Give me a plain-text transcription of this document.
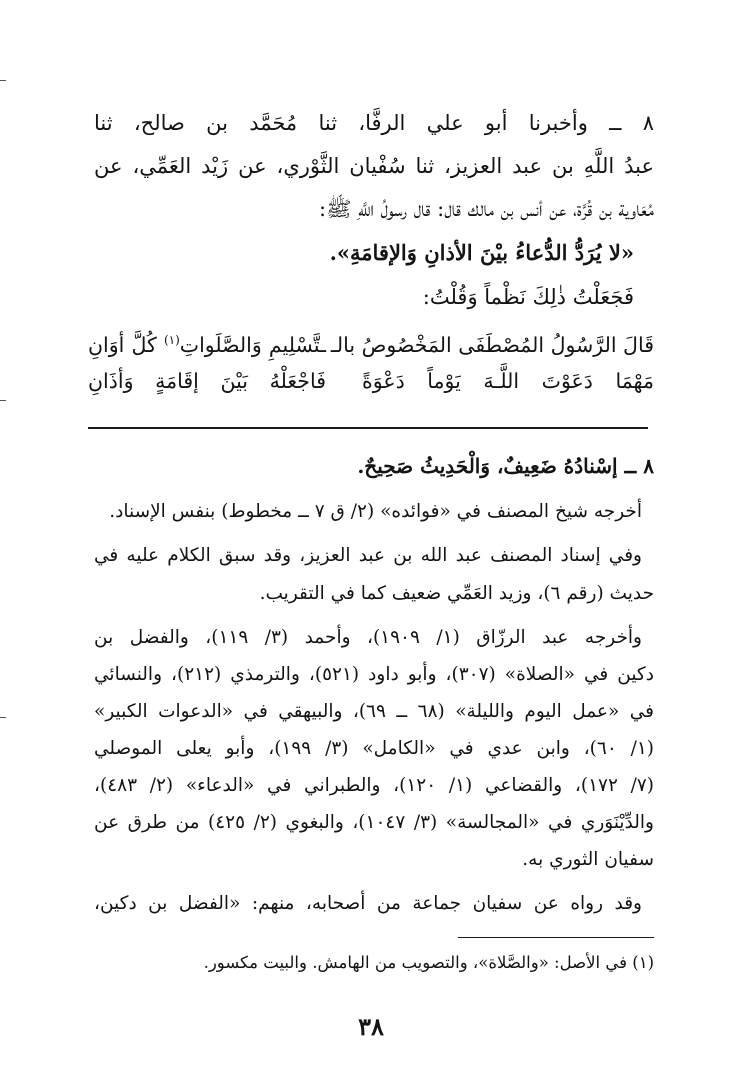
٨ ــ وأخبرنا أبو علي الرفَّا، ثنا مُحَمَّد بن صالح، ثنا
عبدُ اللَّهِ بن عبد العزيز، ثنا سُفْيان الثَّوْري، عن زَيْد العَمِّي، عن
مُعَاوية بن قُرَّة، عن أنس بن مالك قال: قال رسولُ اللَّهِ ﷺ:
«لا يُرَدُّ الدُّعاءُ بيْنَ الأذانِ وَالإقامَةِ».
فَجَعَلْتُ ذٰلِكَ نَظْماً وَقُلْتُ:
قَالَ الرَّسُولُ المُصْطَفَى المَخْصُوصُ بالـ
ـتَّسْلِيمِ وَالصَّلَواتِ$^{(١)}$ كُلَّ أوَانِ
مَهْمَا دَعَوْتَ اللَّـهَ يَوْماً دَعْوَةً
فَاجْعَلْهُ بَيْنَ إقَامَةٍ وَأذَانِ
٨ ــ إسْنادُهُ ضَعِيفٌ، وَالْحَدِيثُ صَحِيحٌ.
أخرجه شيخ المصنف في «فوائده» (٢/ ق ٧ ــ مخطوط) بنفس الإسناد.
وفي إسناد المصنف عبد الله بن عبد العزيز، وقد سبق الكلام عليه في
حديث (رقم ٦)، وزيد العَمِّي ضعيف كما في التقريب.
وأخرجه عبد الرزّاق (١/ ١٩٠٩)، وأحمد (٣/ ١١٩)، والفضل بن
دكين في «الصلاة» (٣٠٧)، وأبو داود (٥٢١)، والترمذي (٢١٢)، والنسائي
في «عمل اليوم والليلة» (٦٨ ــ ٦٩)، والبيهقي في «الدعوات الكبير»
(١/ ٦٠)، وابن عدي في «الكامل» (٣/ ١٩٩)، وأبو يعلى الموصلي
(٧/ ١٧٢)، والقضاعي (١/ ١٢٠)، والطبراني في «الدعاء» (٢/ ٤٨٣)،
والدِّيْنَوَري في «المجالسة» (٣/ ١٠٤٧)، والبغوي (٢/ ٤٢٥) من طرق عن
سفيان الثوري به.
وقد رواه عن سفيان جماعة من أصحابه، منهم: «الفضل بن دكين،
(١) في الأصل: «والصَّلاة»، والتصويب من الهامش. والبيت مكسور.
٣٨
